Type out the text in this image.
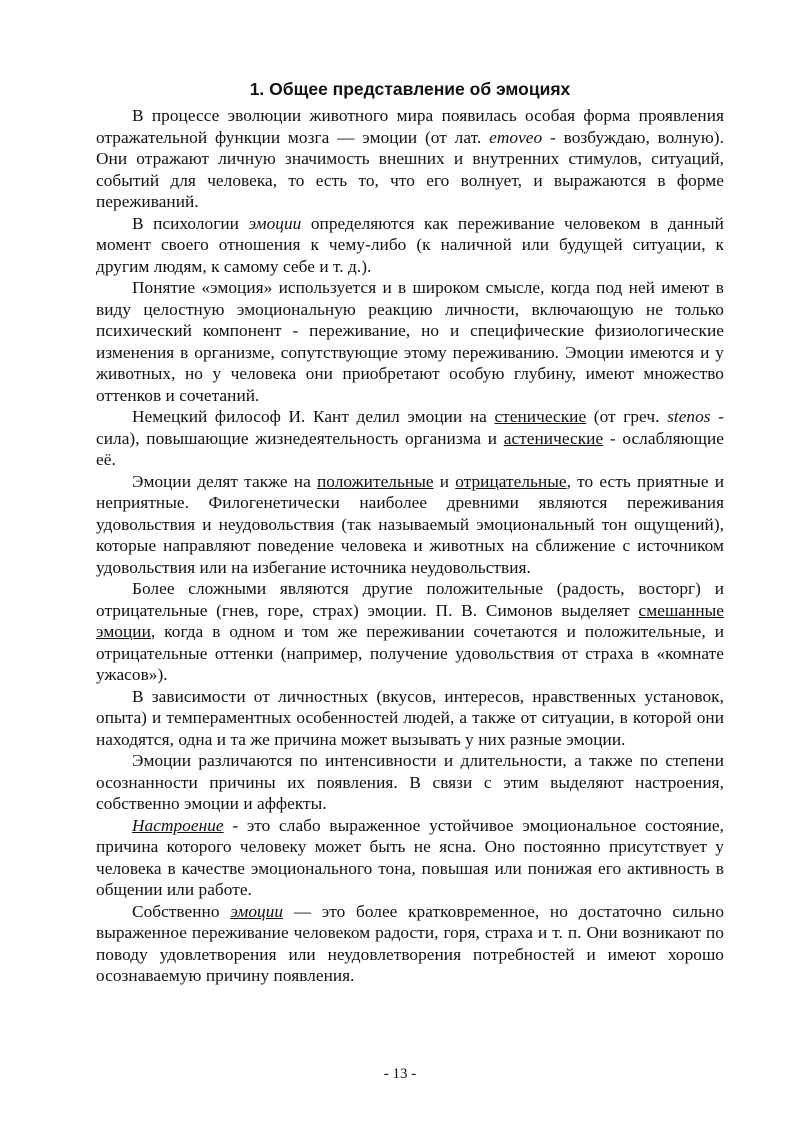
1. Общее представление об эмоциях

В процессе эволюции животного мира появилась особая форма проявления отражательной функции мозга — эмоции (от лат. emoveo - возбуждаю, волную). Они отражают личную значимость внешних и внутренних стимулов, ситуаций, событий для человека, то есть то, что его волнует, и выражаются в форме переживаний.

В психологии эмоции определяются как переживание человеком в данный момент своего отношения к чему-либо (к наличной или будущей ситуации, к другим людям, к самому себе и т. д.).

Понятие «эмоция» используется и в широком смысле, когда под ней имеют в виду целостную эмоциональную реакцию личности, включающую не только психический компонент - переживание, но и специфические физиологические изменения в организме, сопутствующие этому переживанию. Эмоции имеются и у животных, но у человека они приобретают особую глубину, имеют множество оттенков и сочетаний.

Немецкий философ И. Кант делил эмоции на стенические (от греч. stenos - сила), повышающие жизнедеятельность организма и астенические - ослабляющие её.

Эмоции делят также на положительные и отрицательные, то есть приятные и неприятные. Филогенетически наиболее древними являются переживания удовольствия и неудовольствия (так называемый эмоциональный тон ощущений), которые направляют поведение человека и животных на сближение с источником удовольствия или на избегание источника неудовольствия.

Более сложными являются другие положительные (радость, восторг) и отрицательные (гнев, горе, страх) эмоции. П. В. Симонов выделяет смешанные эмоции, когда в одном и том же переживании сочетаются и положительные, и отрицательные оттенки (например, получение удовольствия от страха в «комнате ужасов»).

В зависимости от личностных (вкусов, интересов, нравственных установок, опыта) и темпераментных особенностей людей, а также от ситуации, в которой они находятся, одна и та же причина может вызывать у них разные эмоции.

Эмоции различаются по интенсивности и длительности, а также по степени осознанности причины их появления. В связи с этим выделяют настроения, собственно эмоции и аффекты.

Настроение - это слабо выраженное устойчивое эмоциональное состояние, причина которого человеку может быть не ясна. Оно постоянно присутствует у человека в качестве эмоционального тона, повышая или понижая его активность в общении или работе.

Собственно эмоции — это более кратковременное, но достаточно сильно выраженное переживание человеком радости, горя, страха и т. п. Они возникают по поводу удовлетворения или неудовлетворения потребностей и имеют хорошо осознаваемую причину появления.

- 13 -
